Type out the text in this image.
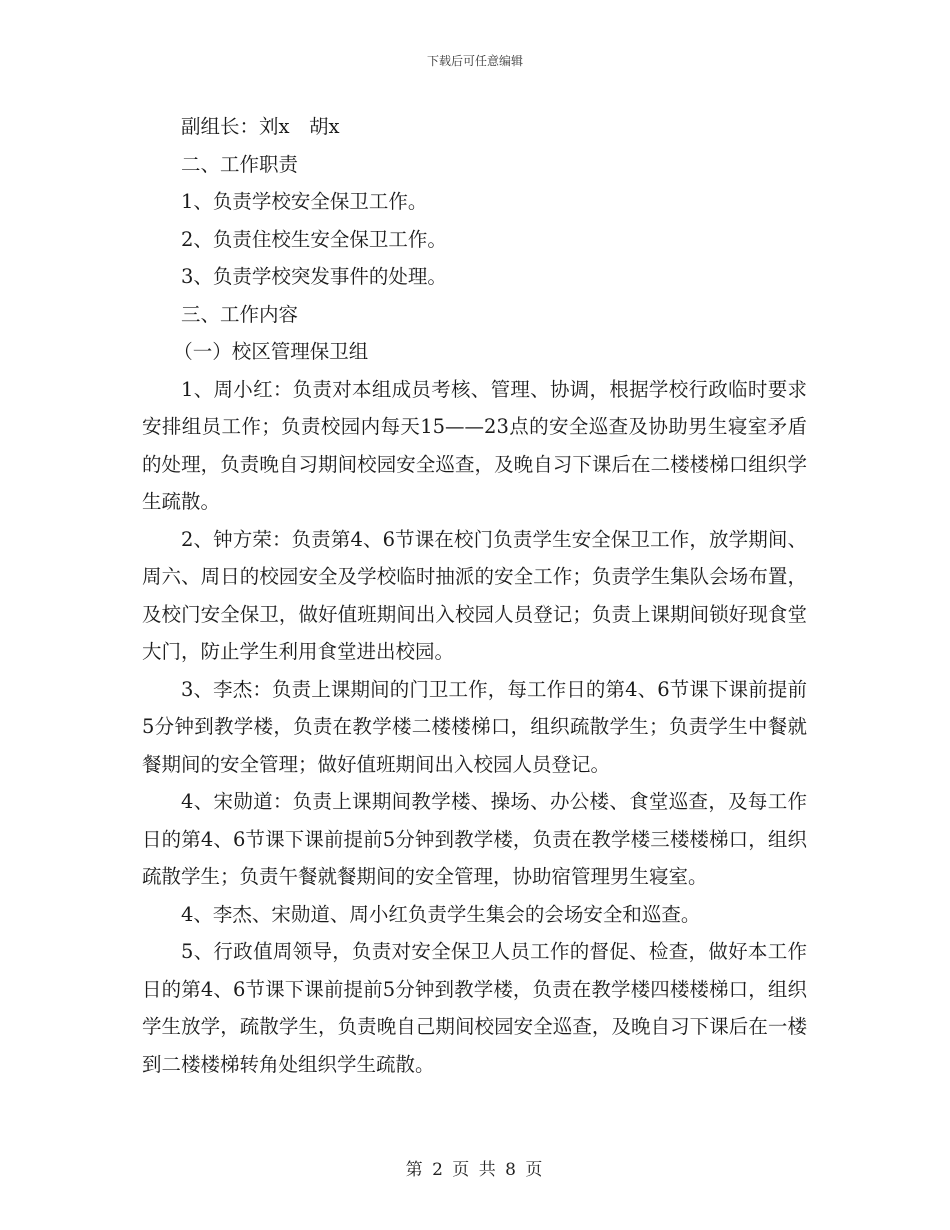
下载后可任意编辑

副组长：刘x　胡x

二、工作职责

1、负责学校安全保卫工作。

2、负责住校生安全保卫工作。

3、负责学校突发事件的处理。

三、工作内容

（一）校区管理保卫组

1、周小红：负责对本组成员考核、管理、协调，根据学校行政临时要求安排组员工作；负责校园内每天15——23点的安全巡查及协助男生寝室矛盾的处理，负责晚自习期间校园安全巡查，及晚自习下课后在二楼楼梯口组织学生疏散。

2、钟方荣：负责第4、6节课在校门负责学生安全保卫工作，放学期间、周六、周日的校园安全及学校临时抽派的安全工作；负责学生集队会场布置，及校门安全保卫，做好值班期间出入校园人员登记；负责上课期间锁好现食堂大门，防止学生利用食堂进出校园。

3、李杰：负责上课期间的门卫工作，每工作日的第4、6节课下课前提前5分钟到教学楼，负责在教学楼二楼楼梯口，组织疏散学生；负责学生中餐就餐期间的安全管理；做好值班期间出入校园人员登记。

4、宋勋道：负责上课期间教学楼、操场、办公楼、食堂巡查，及每工作日的第4、6节课下课前提前5分钟到教学楼，负责在教学楼三楼楼梯口，组织疏散学生；负责午餐就餐期间的安全管理，协助宿管理男生寝室。

4、李杰、宋勋道、周小红负责学生集会的会场安全和巡查。

5、行政值周领导，负责对安全保卫人员工作的督促、检查，做好本工作日的第4、6节课下课前提前5分钟到教学楼，负责在教学楼四楼楼梯口，组织学生放学，疏散学生，负责晚自己期间校园安全巡查，及晚自习下课后在一楼到二楼楼梯转角处组织学生疏散。

第 2 页 共 8 页
